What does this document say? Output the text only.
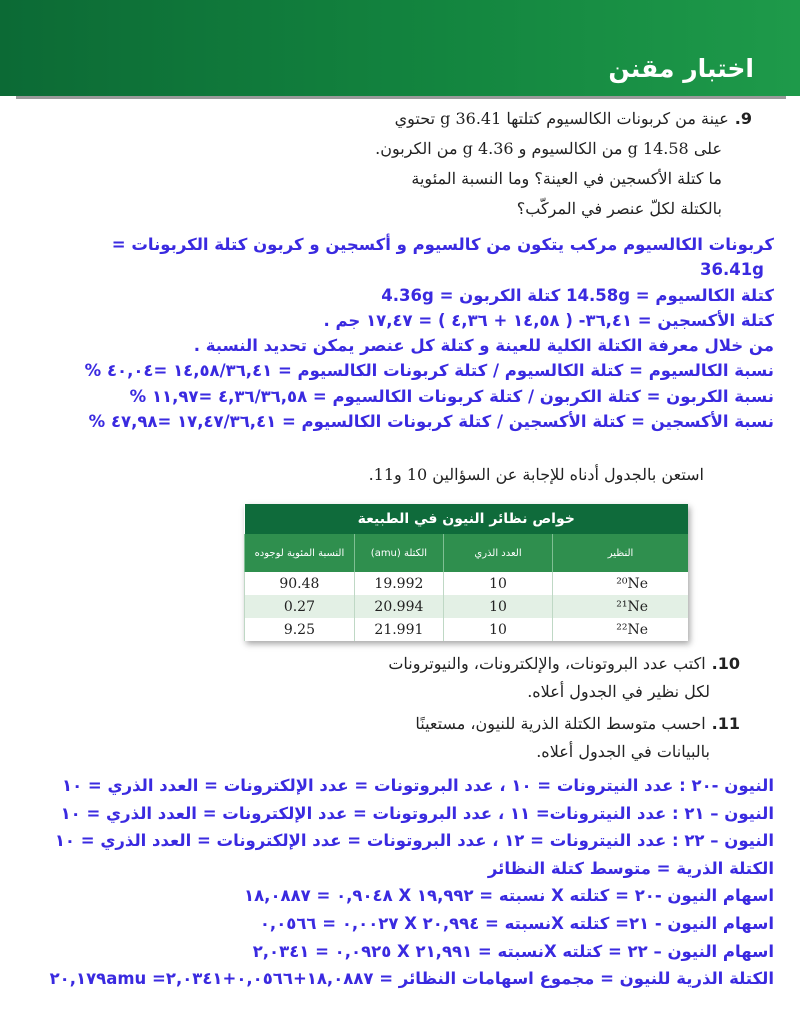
اختبار مقنن
9.عينة من كربونات الكالسيوم كتلتها 36.41 g تحتوي
على 14.58 g من الكالسيوم و 4.36 g من الكربون.
ما كتلة الأكسجين في العينة؟ وما النسبة المئوية
بالكتلة لكلّ عنصر في المركّب؟
كربونات الكالسيوم مركب يتكون من كالسيوم و أكسجين و كربون كتلة الكربونات =
36.41g
كتلة الكالسيوم = 14.58g كتلة الكربون = 4.36g
كتلة الأكسجين = ٣٦,٤١- ( ١٤,٥٨ + ٤,٣٦ ) = ١٧,٤٧ جم .
من خلال معرفة الكتلة الكلية للعينة و كتلة كل عنصر يمكن تحديد النسبة .
نسبة الكالسيوم = كتلة الكالسيوم / كتلة كربونات الكالسيوم = ١٤,٥٨/٣٦,٤١ =٤٠,٠٤ %
نسبة الكربون = كتلة الكربون / كتلة كربونات الكالسيوم = ٤,٣٦/٣٦,٥٨ =١١,٩٧ %
نسبة الأكسجين = كتلة الأكسجين / كتلة كربونات الكالسيوم = ١٧,٤٧/٣٦,٤١ =٤٧,٩٨ %
استعن بالجدول أدناه للإجابة عن السؤالين 10 و11.
خواص نظائر النيون في الطبيعة			
النظير	العدد الذري	الكتلة (amu)	النسبة المئوية لوجوده
²⁰Ne	10	19.992	90.48
²¹Ne	10	20.994	0.27
²²Ne	10	21.991	9.25
10.اكتب عدد البروتونات، والإلكترونات، والنيوترونات
لكل نظير في الجدول أعلاه.
11.احسب متوسط الكتلة الذرية للنيون، مستعينًا
بالبيانات في الجدول أعلاه.
النيون -٢٠ : عدد النيترونات = ١٠ ، عدد البروتونات = عدد الإلكترونات = العدد الذري = ١٠
النيون – ٢١ : عدد النيترونات= ١١ ، عدد البروتونات = عدد الإلكترونات = العدد الذري = ١٠
النيون – ٢٢ : عدد النيترونات = ١٢ ، عدد البروتونات = عدد الإلكترونات = العدد الذري = ١٠
الكتلة الذرية = متوسط كتلة النظائر
اسهام النيون -٢٠ = كتلته X نسبته = ١٩,٩٩٢ X ٠,٩٠٤٨ = ١٨,٠٨٨٧
اسهام النيون - ٢١= كتلته Xنسبته = ٢٠,٩٩٤ X ٠,٠٠٢٧ = ٠,٠٥٦٦
اسهام النيون – ٢٢ = كتلته Xنسبته = ٢١,٩٩١ X ٠,٠٩٢٥ = ٢,٠٣٤١
الكتلة الذرية للنيون = مجموع اسهامات النظائر = ١٨,٠٨٨٧+٠,٠٥٦٦+٢,٠٣٤١= ٢٠,١٧٩amu
